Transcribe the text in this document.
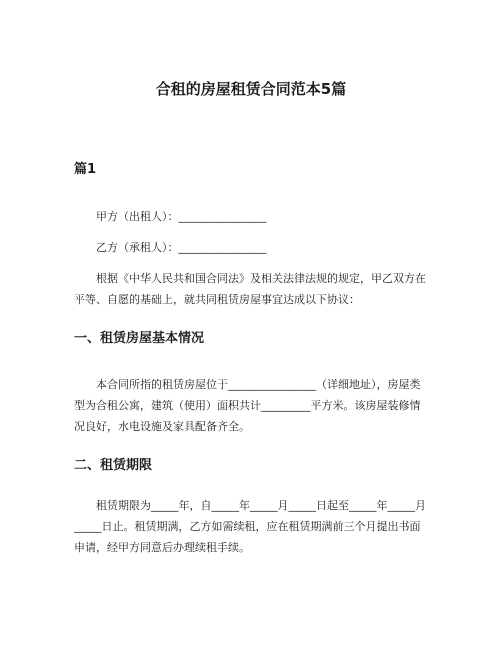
合租的房屋租赁合同范本5篇
篇1

甲方（出租人）：________________

乙方（承租人）：________________

根据《中华人民共和国合同法》及相关法律法规的规定，甲乙双方在平等、自愿的基础上，就共同租赁房屋事宜达成以下协议：

一、租赁房屋基本情况

本合同所指的租赁房屋位于________________（详细地址），房屋类型为合租公寓，建筑（使用）面积共计_________平方米。该房屋装修情况良好，水电设施及家具配备齐全。

二、租赁期限

租赁期限为_____年，自_____年_____月_____日起至_____年_____月_____日止。租赁期满，乙方如需续租，应在租赁期满前三个月提出书面申请，经甲方同意后办理续租手续。
